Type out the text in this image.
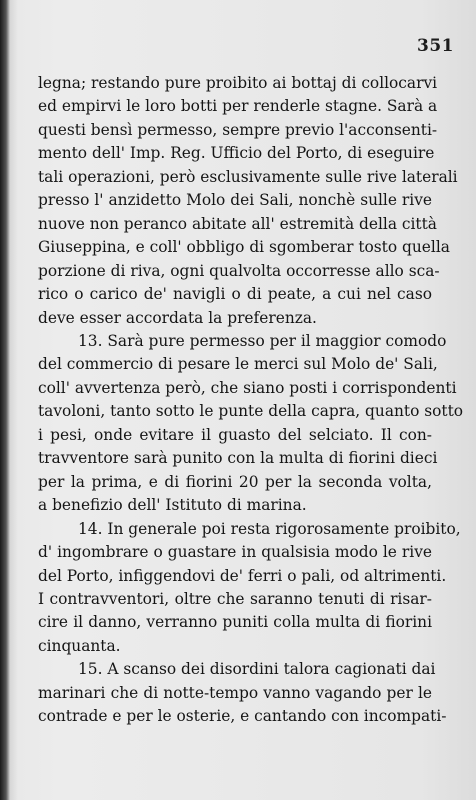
351
legna; restando pure proibito ai bottaj di collocarvi
ed empirvi le loro botti per renderle stagne. Sarà a
questi bensì permesso, sempre previo l'acconsenti-
mento dell' Imp. Reg. Ufficio del Porto, di eseguire
tali operazioni, però esclusivamente sulle rive laterali
presso l' anzidetto Molo dei Sali, nonchè sulle rive
nuove non peranco abitate all' estremità della città
Giuseppina, e coll' obbligo di sgomberar tosto quella
porzione di riva, ogni qualvolta occorresse allo sca-
rico o carico de' navigli o di peate, a cui nel caso
deve esser accordata la preferenza.
13. Sarà pure permesso per il maggior comodo
del commercio di pesare le merci sul Molo de' Sali,
coll' avvertenza però, che siano posti i corrispondenti
tavoloni, tanto sotto le punte della capra, quanto sotto
i pesi, onde evitare il guasto del selciato. Il con-
travventore sarà punito con la multa di fiorini dieci
per la prima, e di fiorini 20 per la seconda volta,
a benefizio dell' Istituto di marina.
14. In generale poi resta rigorosamente proibito,
d' ingombrare o guastare in qualsisia modo le rive
del Porto, infiggendovi de' ferri o pali, od altrimenti.
I contravventori, oltre che saranno tenuti di risar-
cire il danno, verranno puniti colla multa di fiorini
cinquanta.
15. A scanso dei disordini talora cagionati dai
marinari che di notte-tempo vanno vagando per le
contrade e per le osterie, e cantando con incompati-
